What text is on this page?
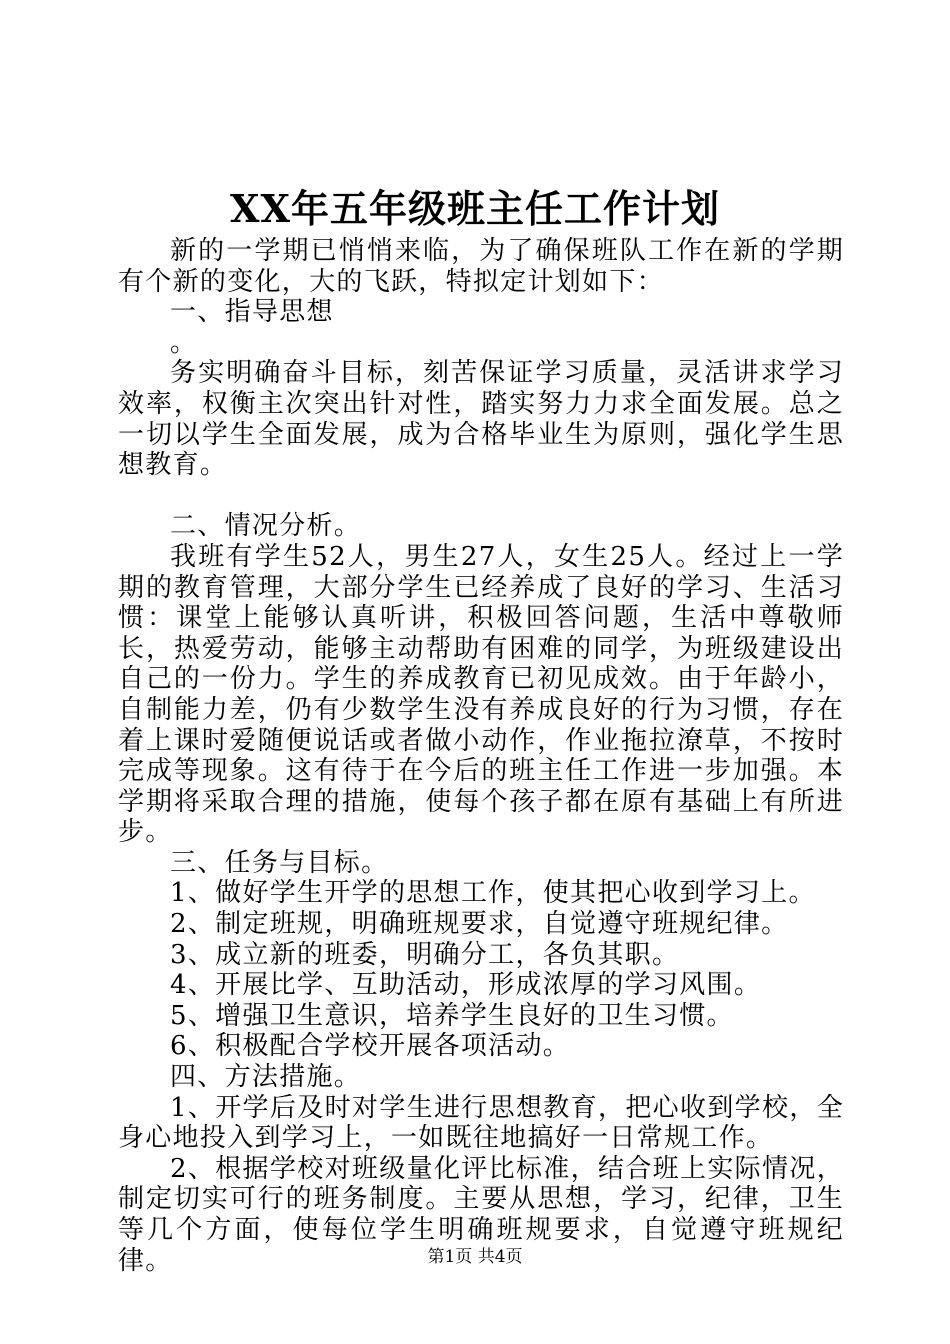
XX年五年级班主任工作计划

新的一学期已悄悄来临，为了确保班队工作在新的学期有个新的变化，大的飞跃，特拟定计划如下：

一、指导思想

。

务实明确奋斗目标，刻苦保证学习质量，灵活讲求学习效率，权衡主次突出针对性，踏实努力力求全面发展。总之一切以学生全面发展，成为合格毕业生为原则，强化学生思想教育。

二、情况分析。

我班有学生52人，男生27人，女生25人。经过上一学期的教育管理，大部分学生已经养成了良好的学习、生活习惯：课堂上能够认真听讲，积极回答问题，生活中尊敬师长，热爱劳动，能够主动帮助有困难的同学，为班级建设出自己的一份力。学生的养成教育已初见成效。由于年龄小，自制能力差，仍有少数学生没有养成良好的行为习惯，存在着上课时爱随便说话或者做小动作，作业拖拉潦草，不按时完成等现象。这有待于在今后的班主任工作进一步加强。本学期将采取合理的措施，使每个孩子都在原有基础上有所进步。

三、任务与目标。

1、做好学生开学的思想工作，使其把心收到学习上。

2、制定班规，明确班规要求，自觉遵守班规纪律。

3、成立新的班委，明确分工，各负其职。

4、开展比学、互助活动，形成浓厚的学习风围。

5、增强卫生意识，培养学生良好的卫生习惯。

6、积极配合学校开展各项活动。

四、方法措施。

1、开学后及时对学生进行思想教育，把心收到学校，全身心地投入到学习上，一如既往地搞好一日常规工作。

2、根据学校对班级量化评比标准，结合班上实际情况，制定切实可行的班务制度。主要从思想，学习，纪律，卫生等几个方面，使每位学生明确班规要求，自觉遵守班规纪律。	第1页 共4页
